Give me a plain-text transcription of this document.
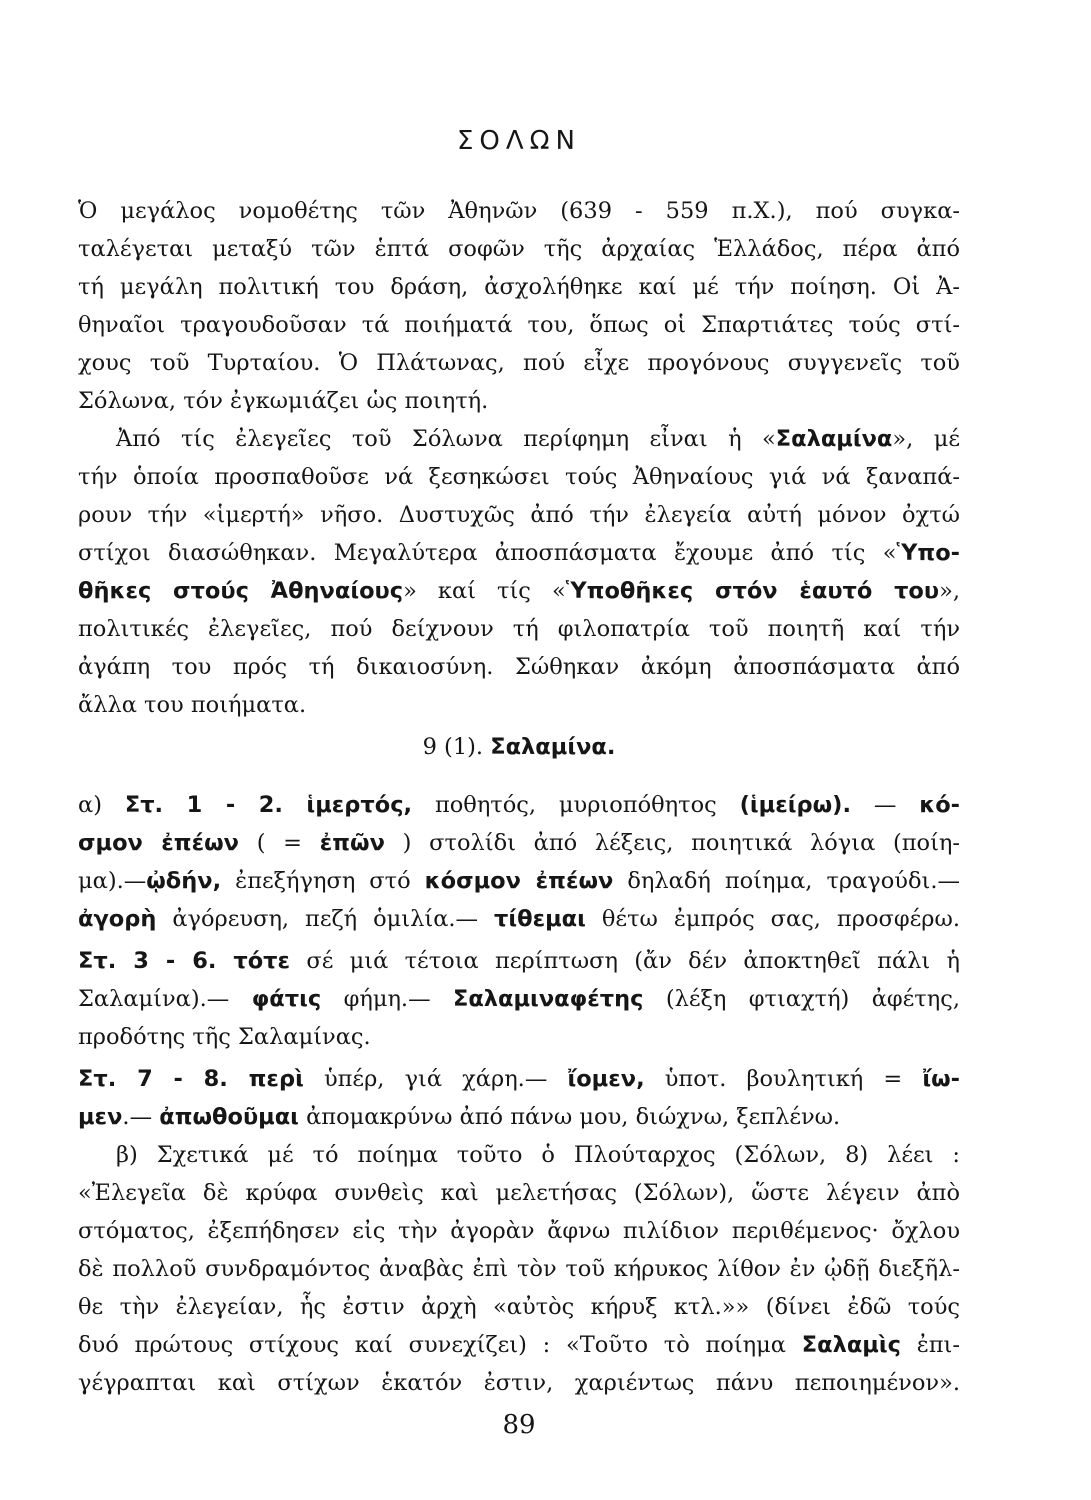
ΣΟΛΩΝ
Ὁ μεγάλος νομοθέτης τῶν Ἀθηνῶν (639 - 559 π.Χ.), πού συγκα-
ταλέγεται μεταξύ τῶν ἑπτά σοφῶν τῆς ἀρχαίας Ἑλλάδος, πέρα ἀπό
τή μεγάλη πολιτική του δράση, ἀσχολήθηκε καί μέ τήν ποίηση. Οἱ Ἀ-
θηναῖοι τραγουδοῦσαν τά ποιήματά του, ὅπως οἱ Σπαρτιάτες τούς στί-
χους τοῦ Τυρταίου. Ὁ Πλάτωνας, πού εἶχε προγόνους συγγενεῖς τοῦ
Σόλωνα, τόν ἐγκωμιάζει ὡς ποιητή.
Ἀπό τίς ἐλεγεῖες τοῦ Σόλωνα περίφημη εἶναι ἡ «Σαλαμίνα», μέ
τήν ὁποία προσπαθοῦσε νά ξεσηκώσει τούς Ἀθηναίους γιά νά ξαναπά-
ρουν τήν «ἱμερτή» νῆσο. Δυστυχῶς ἀπό τήν ἐλεγεία αὐτή μόνον ὀχτώ
στίχοι διασώθηκαν. Μεγαλύτερα ἀποσπάσματα ἔχουμε ἀπό τίς «Ὑπο-
θῆκες στούς Ἀθηναίους» καί τίς «Ὑποθῆκες στόν ἑαυτό του»,
πολιτικές ἐλεγεῖες, πού δείχνουν τή φιλοπατρία τοῦ ποιητῆ καί τήν
ἀγάπη του πρός τή δικαιοσύνη. Σώθηκαν ἀκόμη ἀποσπάσματα ἀπό
ἄλλα του ποιήματα.
9 (1). Σαλαμίνα.
α) Στ. 1 - 2. ἱμερτός, ποθητός, μυριοπόθητος (ἱμείρω). — κό-
σμον ἐπέων ( = ἐπῶν ) στολίδι ἀπό λέξεις, ποιητικά λόγια (ποίη-
μα).—ᾠδήν, ἐπεξήγηση στό κόσμον ἐπέων δηλαδή ποίημα, τραγούδι.—
ἀγορὴ ἀγόρευση, πεζή ὁμιλία.— τίθεμαι θέτω ἐμπρός σας, προσφέρω.
Στ. 3 - 6. τότε σέ μιά τέτοια περίπτωση (ἄν δέν ἀποκτηθεῖ πάλι ἡ
Σαλαμίνα).— φάτις φήμη.— Σαλαμιναφέτης (λέξη φτιαχτή) ἀφέτης,
προδότης τῆς Σαλαμίνας.
Στ. 7 - 8. περὶ ὑπέρ, γιά χάρη.— ἴομεν, ὑποτ. βουλητική = ἴω-
μεν.— ἀπωθοῦμαι ἀπομακρύνω ἀπό πάνω μου, διώχνω, ξεπλένω.
β) Σχετικά μέ τό ποίημα τοῦτο ὁ Πλούταρχος (Σόλων, 8) λέει :
«Ἐλεγεῖα δὲ κρύφα συνθεὶς καὶ μελετήσας (Σόλων), ὥστε λέγειν ἀπὸ
στόματος, ἐξεπήδησεν εἰς τὴν ἀγορὰν ἄφνω πιλίδιον περιθέμενος· ὄχλου
δὲ πολλοῦ συνδραμόντος ἀναβὰς ἐπὶ τὸν τοῦ κήρυκος λίθον ἐν ᾠδῇ διεξῆλ-
θε τὴν ἐλεγείαν, ἧς ἐστιν ἀρχὴ «αὐτὸς κήρυξ κτλ.»» (δίνει ἐδῶ τούς
δυό πρώτους στίχους καί συνεχίζει) : «Τοῦτο τὸ ποίημα Σαλαμὶς ἐπι-
γέγραπται καὶ στίχων ἑκατόν ἐστιν, χαριέντως πάνυ πεποιημένον».
89
